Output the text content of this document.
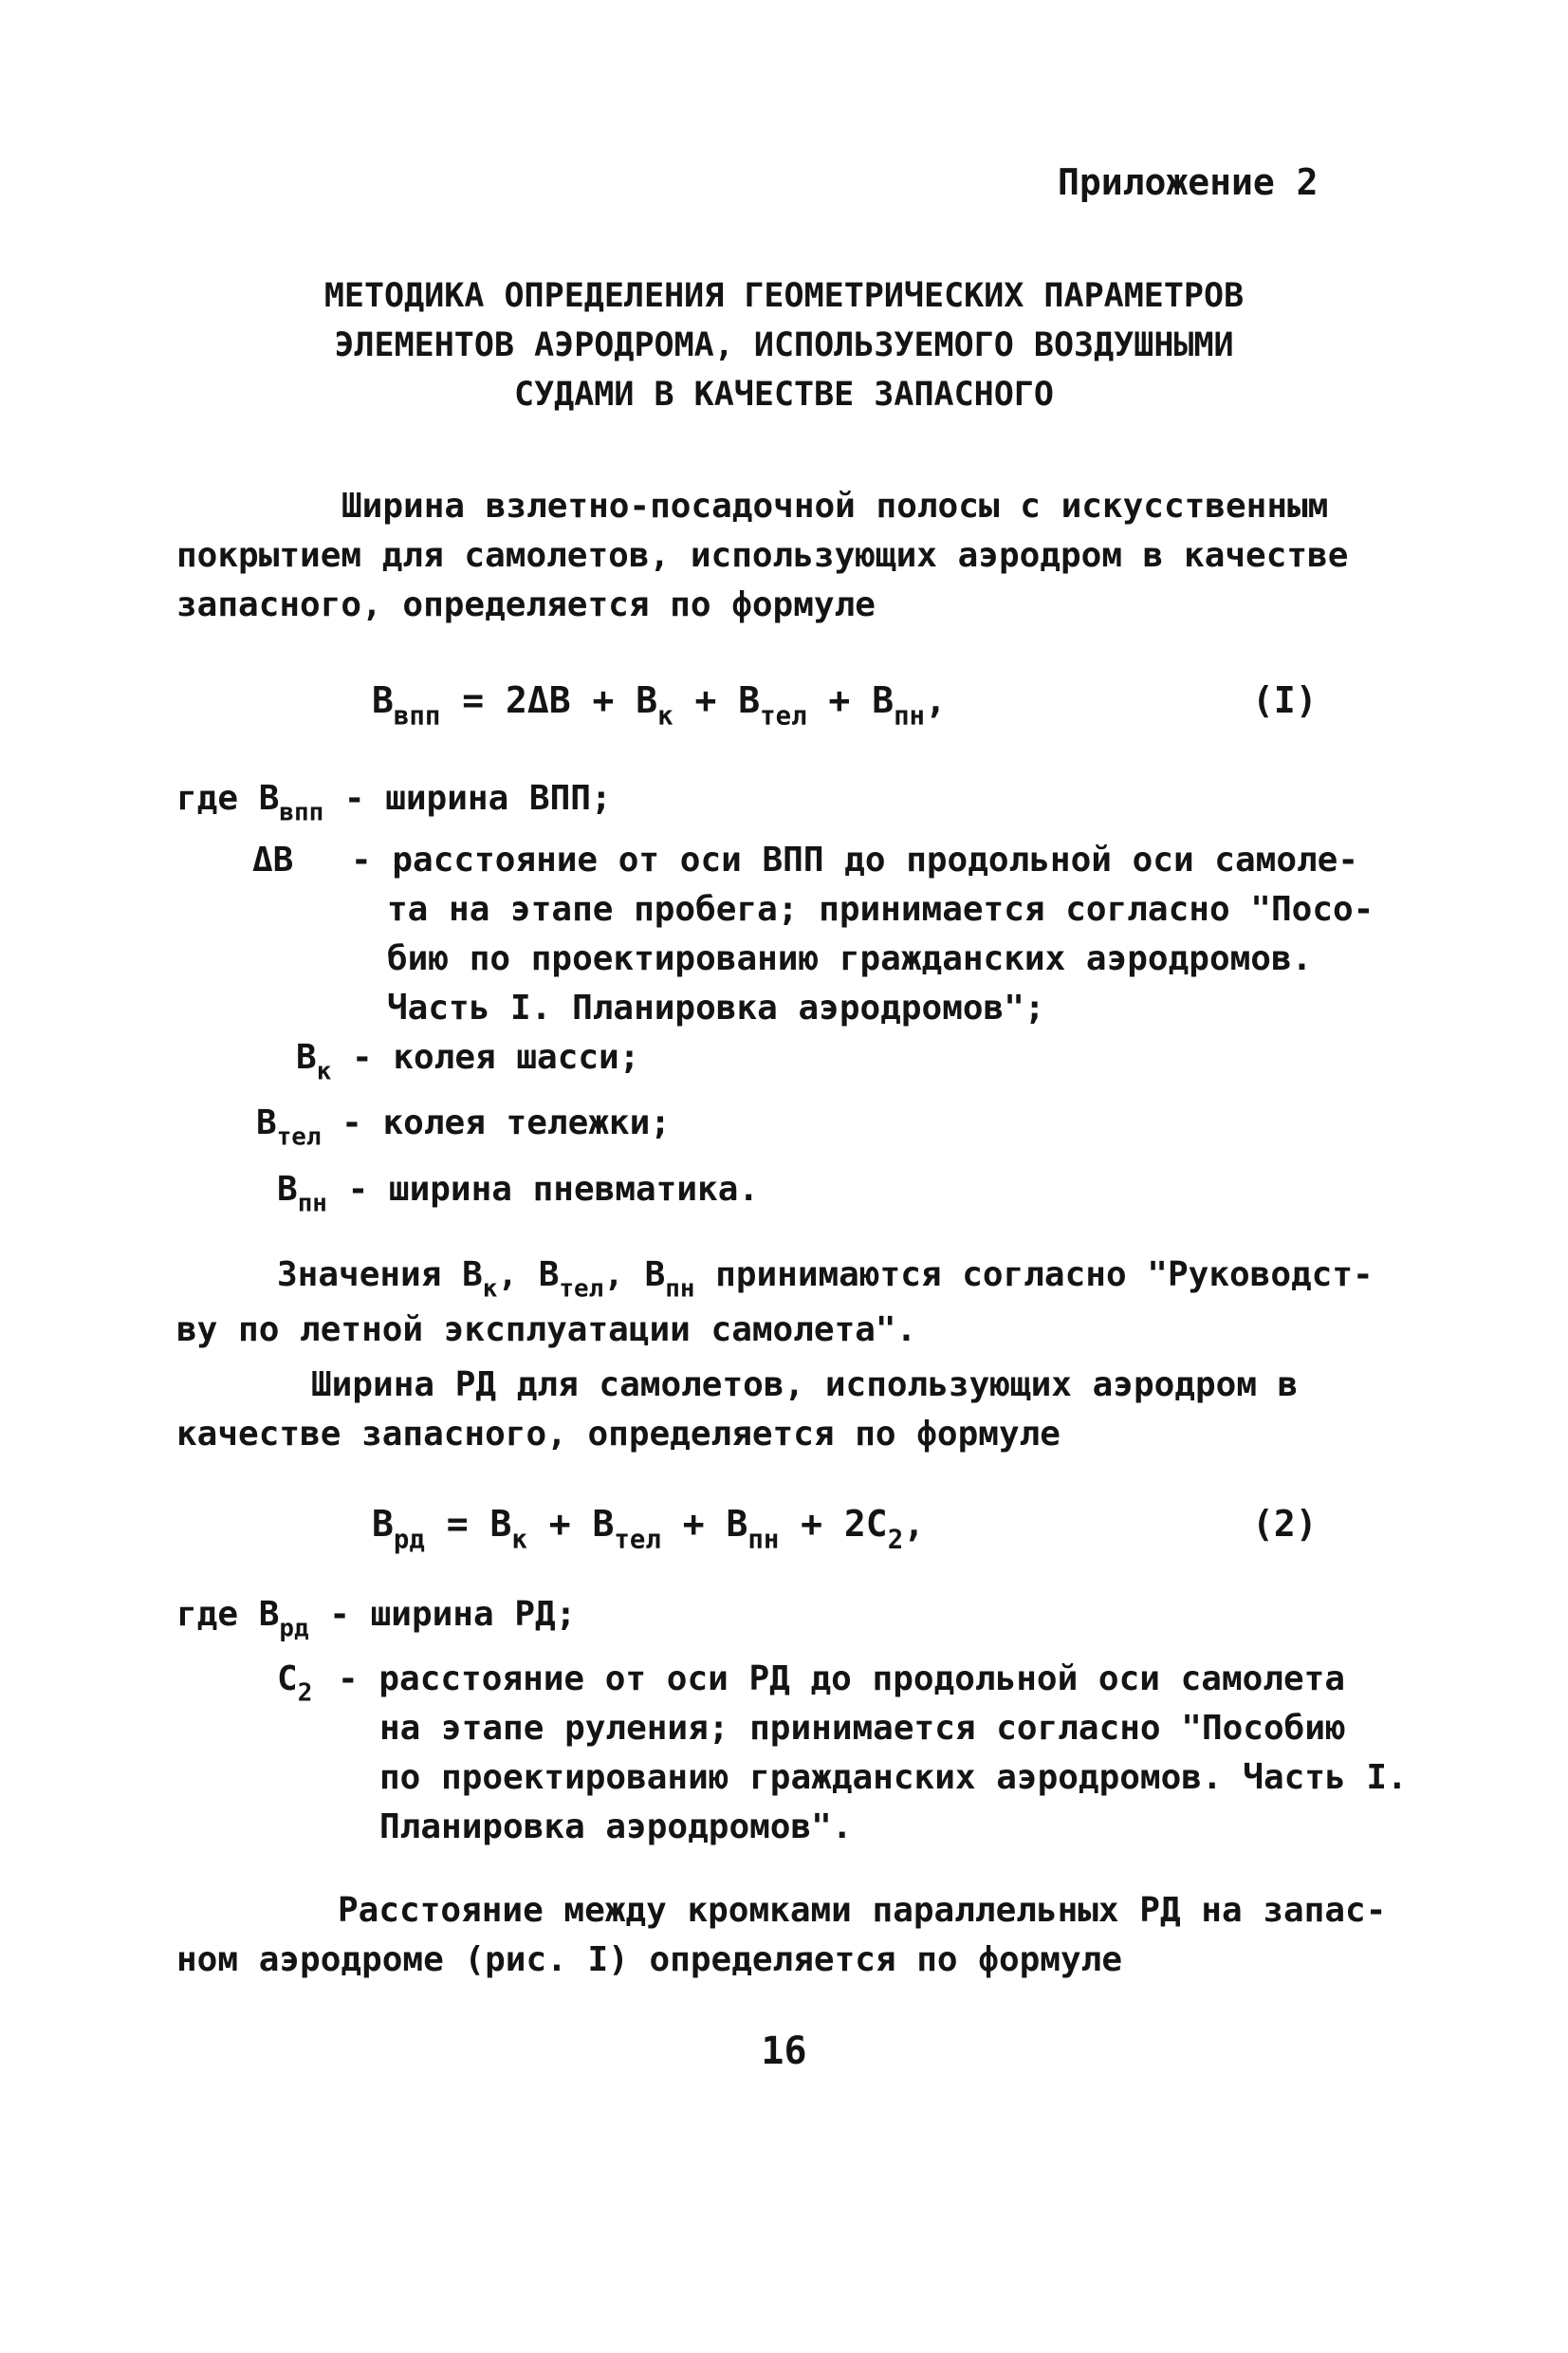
Приложение 2
МЕТОДИКА ОПРЕДЕЛЕНИЯ ГЕОМЕТРИЧЕСКИХ ПАРАМЕТРОВ
ЭЛЕМЕНТОВ АЭРОДРОМА, ИСПОЛЬЗУЕМОГО ВОЗДУШНЫМИ
СУДАМИ В КАЧЕСТВЕ ЗАПАСНОГО
Ширина взлетно-посадочной полосы с искусственным
покрытием для самолетов, использующих аэродром в качестве
запасного, определяется по формуле
$B_{впп} = 2\Delta B + B_к + B_{тел} + B_{пн}$,	(I)
где $B_{впп}$ - ширина ВПП;
ΔB - расстояние от оси ВПП до продольной оси самоле-
та на этапе пробега; принимается согласно "Посо-
бию по проектированию гражданских аэродромов.
Часть I. Планировка аэродромов";
$B_к$ - колея шасси;
$B_{тел}$ - колея тележки;
$B_{пн}$ - ширина пневматика.
Значения $B_к$, $B_{тел}$, $B_{пн}$ принимаются согласно "Руководст-
ву по летной эксплуатации самолета".
Ширина РД для самолетов, использующих аэродром в
качестве запасного, определяется по формуле
$B_{рд} = B_к + B_{тел} + B_{пн} + 2C_2$,	(2)
где $B_{рд}$ - ширина РД;
$C_2$ - расстояние от оси РД до продольной оси самолета
на этапе руления; принимается согласно "Пособию
по проектированию гражданских аэродромов. Часть I.
Планировка аэродромов".
Расстояние между кромками параллельных РД на запас-
ном аэродроме (рис. I) определяется по формуле
16
